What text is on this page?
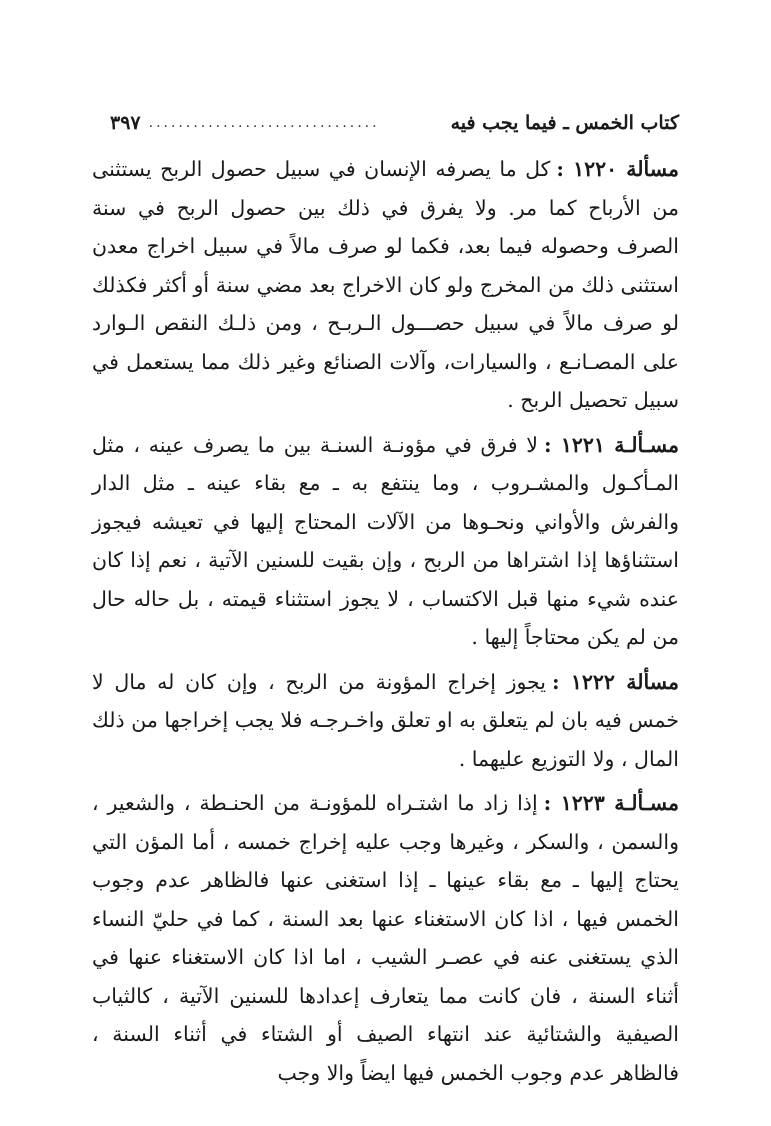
٣٩٧ ...............................	كتاب الخمس ـ فيما يجب فيه

مسألة ١٢٢٠ :كل ما يصرفه الإنسان في سبيل حصول الربح يستثنى من الأرباح كما مر. ولا يفرق في ذلك بين حصول الربح في سنة الصرف وحصوله فيما بعد، فكما لو صرف مالاً في سبيل اخراج معدن استثنى ذلك من المخرج ولو كان الاخراج بعد مضي سنة أو أكثر فكذلك لو صرف مالاً في سبيل حصـــول الـربـح ، ومن ذلـك النقص الـوارد على المصـانـع ، والسيارات، وآلات الصنائع وغير ذلك مما يستعمل في سبيل تحصيل الربح .

مسـألـة ١٢٢١ :لا فرق في مؤونـة السنـة بين ما يصرف عينه ، مثل المـأكـول والمشـروب ، وما ينتفع به ـ مع بقاء عينه ـ مثل الدار والفرش والأواني ونحـوها من الآلات المحتاج إليها في تعيشه فيجوز استثناؤها إذا اشتراها من الربح ، وإن بقيت للسنين الآتية ، نعم إذا كان عنده شيء منها قبل الاكتساب ، لا يجوز استثناء قيمته ، بل حاله حال من لم يكن محتاجاً إليها .

مسألة ١٢٢٢ :يجوز إخراج المؤونة من الربح ، وإن كان له مال لا خمس فيه بان لم يتعلق به او تعلق واخـرجـه فلا يجب إخراجها من ذلك المال ، ولا التوزيع عليهما .

مسـألـة ١٢٢٣ :إذا زاد ما اشتـراه للمؤونـة من الحنـطة ، والشعير ، والسمن ، والسكر ، وغيرها وجب عليه إخراج خمسه ، أما المؤن التي يحتاج إليها ـ مع بقاء عينها ـ إذا استغنى عنها فالظاهر عدم وجوب الخمس فيها ، اذا كان الاستغناء عنها بعد السنة ، كما في حليّ النساء الذي يستغنى عنه في عصـر الشيب ، اما اذا كان الاستغناء عنها في أثناء السنة ، فان كانت مما يتعارف إعدادها للسنين الآتية ، كالثياب الصيفية والشتائية عند انتهاء الصيف أو الشتاء في أثناء السنة ، فالظاهر عدم وجوب الخمس فيها ايضاً والا وجب
